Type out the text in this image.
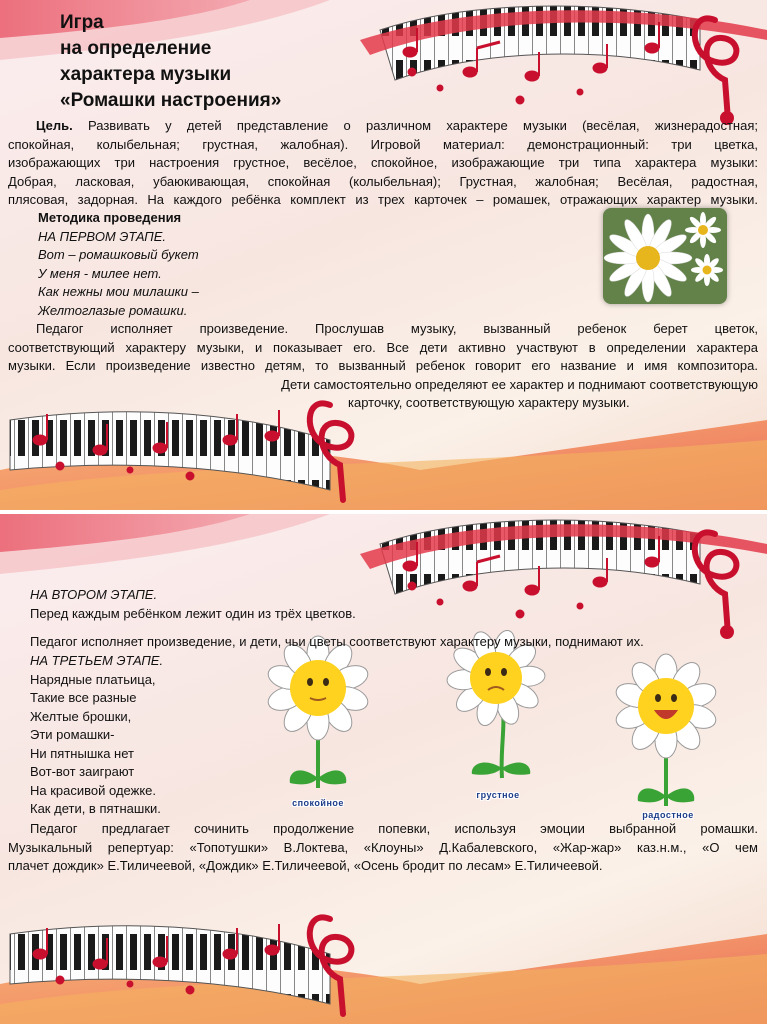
Игра
на определение
характера музыки
«Ромашки настроения»
Цель. Развивать у детей представление о различном характере музыки (весёлая, жизнерадостная;
спокойная, колыбельная; грустная, жалобная). Игровой материал: демонстрационный: три цветка,
изображающих три настроения грустное, весёлое, спокойное, изображающие три типа характера музыки:
Добрая, ласковая, убаюкивающая, спокойная (колыбельная); Грустная, жалобная; Весёлая, радостная,
плясовая, задорная. На каждого ребёнка комплект из трех карточек – ромашек, отражающих характер музыки.
Методика проведения
НА ПЕРВОМ ЭТАПЕ.
Вот – ромашковый букет
У меня - милее нет.
Как нежны мои милашки –
Желтоглазые ромашки.
Педагог исполняет произведение. Прослушав музыку, вызванный ребенок берет цветок,
соответствующий характеру музыки, и показывает его. Все дети активно участвуют в определении характера
музыки. Если произведение известно детям, то вызванный ребенок говорит его название и имя композитора.
Дети самостоятельно определяют ее характер и поднимают соответствующую
карточку, соответствующую характеру музыки.
НА ВТОРОМ ЭТАПЕ.
Перед каждым ребёнком лежит один из трёх цветков.
Педагог исполняет произведение, и дети, чьи цветы соответствуют характеру музыки, поднимают их.
НА ТРЕТЬЕМ ЭТАПЕ.
Нарядные платьица,
Такие все разные
Желтые брошки,
Эти ромашки-
Ни пятнышка нет
Вот-вот заиграют
На красивой одежке.
Как дети, в пятнашки.	спокойное
грустное
радостное
Педагог предлагает сочинить продолжение попевки, используя эмоции выбранной ромашки.
Музыкальный репертуар: «Топотушки» В.Локтева, «Клоуны» Д.Кабалевского, «Жар-жар» каз.н.м., «О чем
плачет дождик» Е.Тиличеевой, «Дождик» Е.Тиличеевой, «Осень бродит по лесам» Е.Тиличеевой.
